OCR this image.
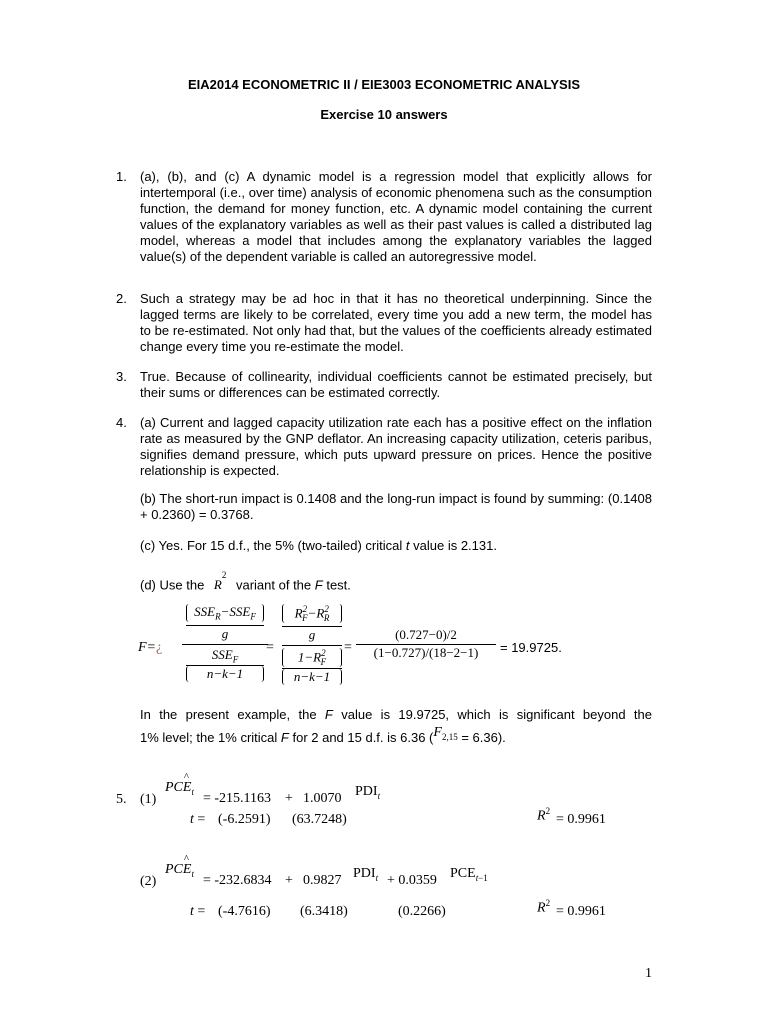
EIA2014 ECONOMETRIC II / EIE3003 ECONOMETRIC ANALYSIS
Exercise 10 answers
1.	(a), (b), and (c) A dynamic model is a regression model that explicitly allows for intertemporal (i.e., over time) analysis of economic phenomena such as the consumption function, the demand for money function, etc. A dynamic model containing the current values of the explanatory variables as well as their past values is called a distributed lag model, whereas a model that includes among the explanatory variables the lagged value(s) of the dependent variable is called an autoregressive model.
2.	Such a strategy may be ad hoc in that it has no theoretical underpinning. Since the lagged terms are likely to be correlated, every time you add a new term, the model has to be re-estimated. Not only had that, but the values of the coefficients already estimated change every time you re-estimate the model.
3.	True. Because of collinearity, individual coefficients cannot be estimated precisely, but their sums or differences can be estimated correctly.
4.	(a) Current and lagged capacity utilization rate each has a positive effect on the inflation rate as measured by the GNP deflator. An increasing capacity utilization, ceteris paribus, signifies demand pressure, which puts upward pressure on prices. Hence the positive relationship is expected.
(b) The short-run impact is 0.1408 and the long-run impact is found by summing: (0.1408 + 0.2360) = 0.3768.
(c) Yes. For 15 d.f., the 5% (two-tailed) critical t value is 2.131.
(d) Use the $R^2$ variant of the F test.
F=¿
$SSE_R-SSE_F$
g
$SSE_F$
n−k−1
=
$R^2_F-R^2_R$
g
$1-R^2_F$
n−k−1
=
(0.727−0)/2
(1−0.727)/(18−2−1)	= 19.9725.
In the present example, the F value is 19.9725, which is significant beyond the
1% level; the 1% critical F for 2 and 15 d.f. is 6.36 $(F_{2,15} = 6.36)$.
5. (1)
PC
^
$E_t = -215.1163 + 1.0070$ $PDI_t$
t = (-6.2591) (63.7248)	$R^2$
= 0.9961
(2)
PC
^
$E_t = -232.6834 + 0.9827$ $PDI_t + 0.0359$ $PCE_{t-1}$
t = (-4.7616) (6.3418)	(0.2266)	$R^2$
= 0.9961
1
